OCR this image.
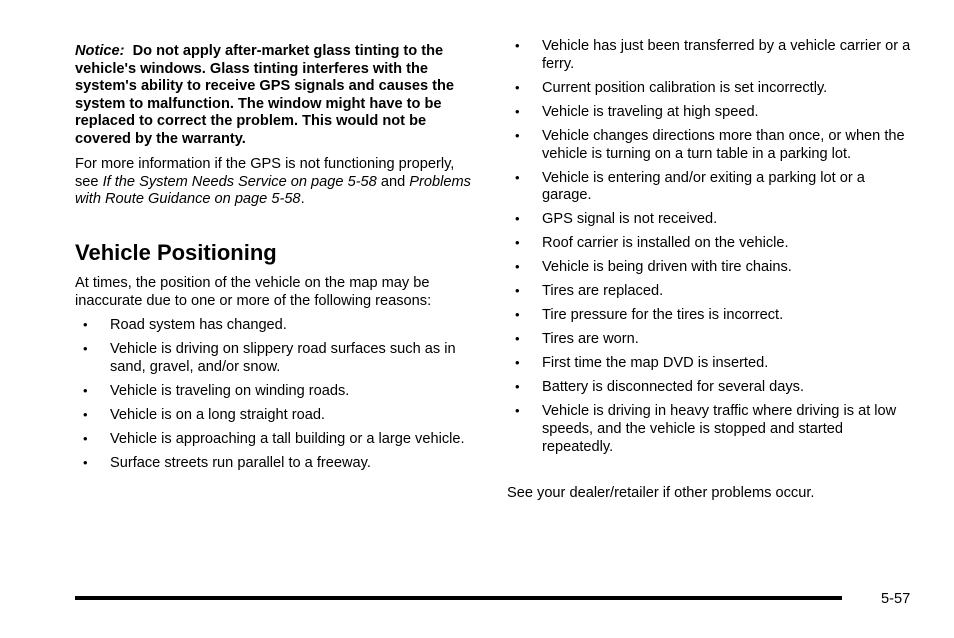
Notice: Do not apply after-market glass tinting to the vehicle's windows. Glass tinting interferes with the system's ability to receive GPS signals and causes the system to malfunction. The window might have to be replaced to correct the problem. This would not be covered by the warranty.
For more information if the GPS is not functioning properly, see If the System Needs Service on page 5-58 and Problems with Route Guidance on page 5-58.
Vehicle Positioning
At times, the position of the vehicle on the map may be inaccurate due to one or more of the following reasons:
• Road system has changed.
• Vehicle is driving on slippery road surfaces such as in sand, gravel, and/or snow.
• Vehicle is traveling on winding roads.
• Vehicle is on a long straight road.
• Vehicle is approaching a tall building or a large vehicle.
• Surface streets run parallel to a freeway.
• Vehicle has just been transferred by a vehicle carrier or a ferry.
• Current position calibration is set incorrectly.
• Vehicle is traveling at high speed.
• Vehicle changes directions more than once, or when the vehicle is turning on a turn table in a parking lot.
• Vehicle is entering and/or exiting a parking lot or a garage.
• GPS signal is not received.
• Roof carrier is installed on the vehicle.
• Vehicle is being driven with tire chains.
• Tires are replaced.
• Tire pressure for the tires is incorrect.
• Tires are worn.
• First time the map DVD is inserted.
• Battery is disconnected for several days.
• Vehicle is driving in heavy traffic where driving is at low speeds, and the vehicle is stopped and started repeatedly.
See your dealer/retailer if other problems occur.
5-57
